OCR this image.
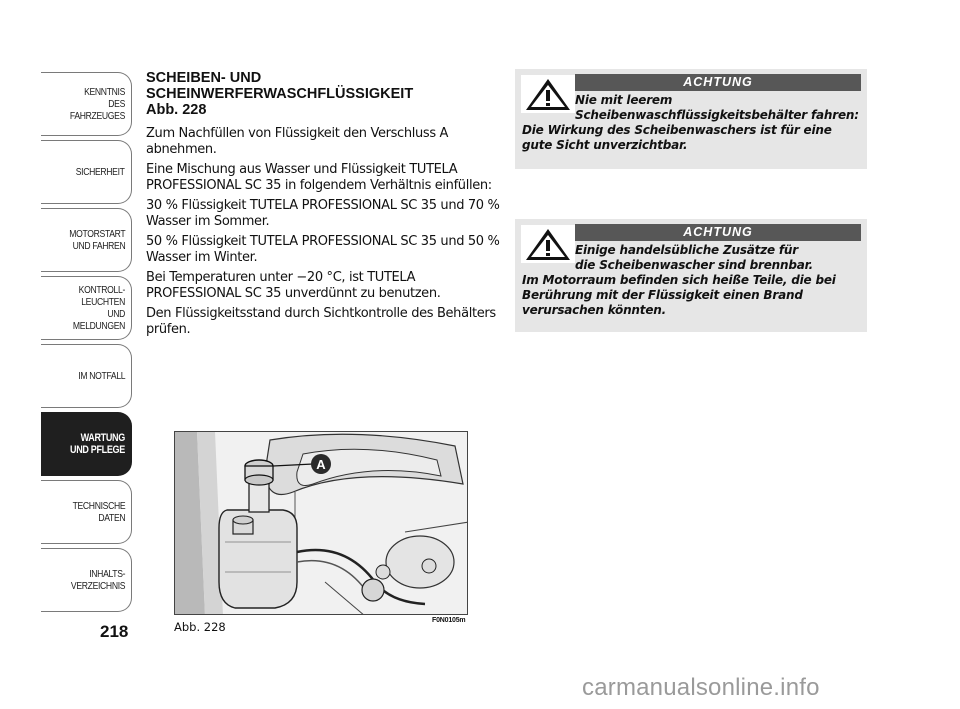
KENNTNIS
DES FAHRZEUGES
SICHERHEIT
MOTORSTART
UND FAHREN
KONTROLL-
LEUCHTEN
UND MELDUNGEN
IM NOTFALL
WARTUNG
UND PFLEGE
TECHNISCHE
DATEN
INHALTS-
VERZEICHNIS
218
SCHEIBEN- UND
SCHEINWERFERWASCHFLÜSSIGKEIT
Abb. 228

Zum Nachfüllen von Flüssigkeit den Verschluss A abnehmen.

Eine Mischung aus Wasser und Flüssigkeit TUTELA PROFESSIONAL SC 35 in folgendem Verhältnis einfüllen:

30 % Flüssigkeit TUTELA PROFESSIONAL SC 35 und 70 % Wasser im Sommer.

50 % Flüssigkeit TUTELA PROFESSIONAL SC 35 und 50 % Wasser im Winter.

Bei Temperaturen unter −20 °C, ist TUTELA PROFESSIONAL SC 35 unverdünnt zu benutzen.

Den Flüssigkeitsstand durch Sichtkontrolle des Behälters prüfen.

ACHTUNG
Nie mit leerem
Scheibenwaschflüssigkeitsbehälter fahren:
Die Wirkung des Scheibenwaschers ist für eine gute Sicht unverzichtbar.
ACHTUNG
Einige handelsübliche Zusätze für
die Scheibenwascher sind brennbar.
Im Motorraum befinden sich heiße Teile, die bei Berührung mit der Flüssigkeit einen Brand verursachen könnten.
A
Abb. 228	F0N0105m
carmanualsonline.info
